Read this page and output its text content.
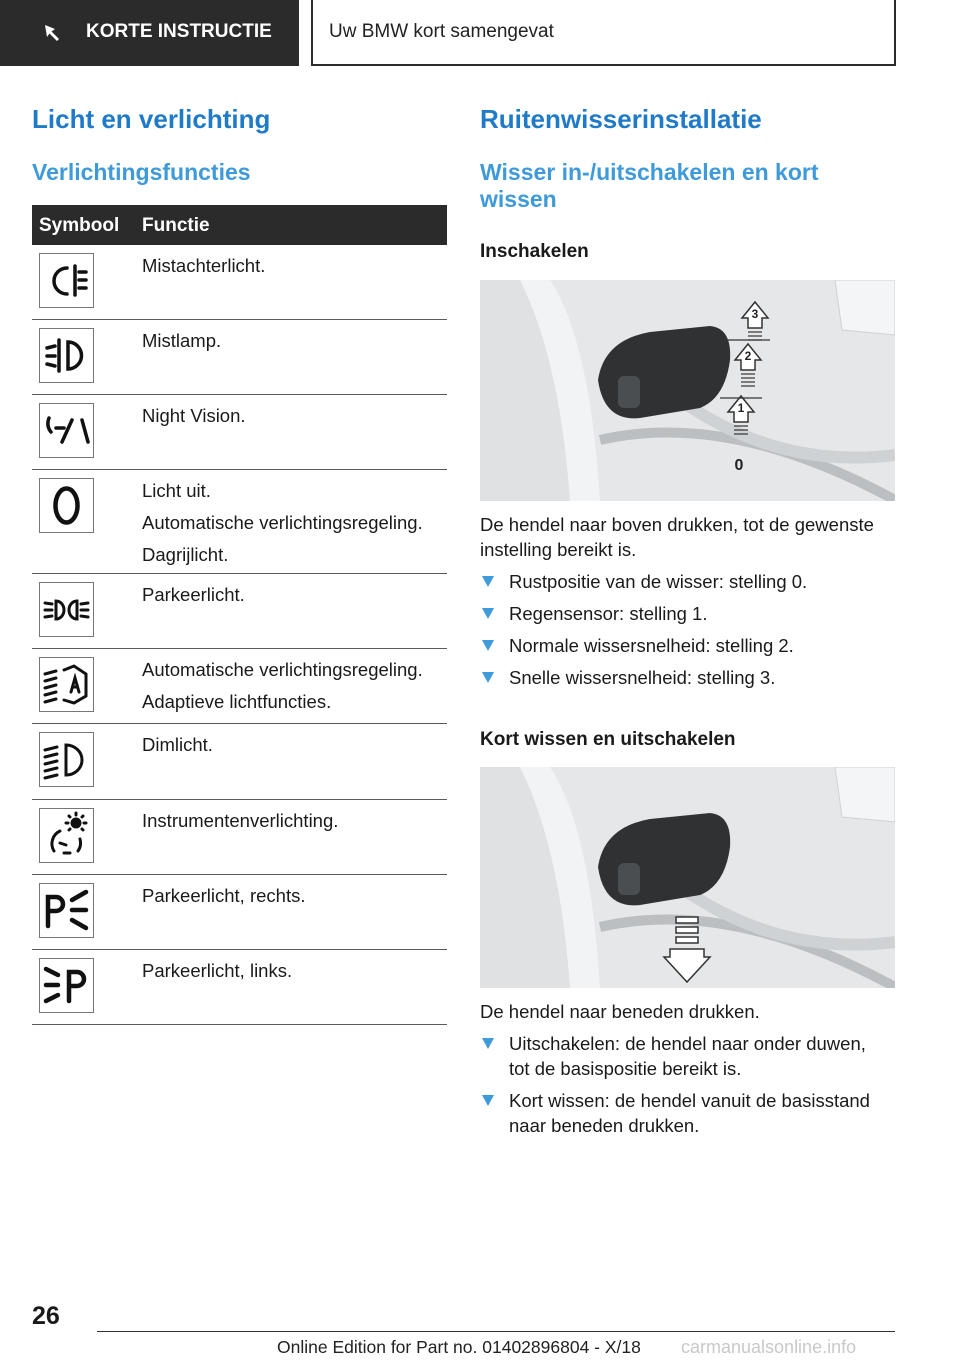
KORTE INSTRUCTIE	Uw BMW kort samengevat
Licht en verlichting
Verlichtingsfuncties
Symbool Functie

Mistachterlicht.

Mistlamp.

Night Vision.

Licht uit.

Automatische verlichtingsregeling.

Dagrijlicht.

Parkeerlicht.

Automatische verlichtingsregeling.

Adaptieve lichtfuncties.

Dimlicht.

Instrumentenverlichting.

Parkeerlicht, rechts.

Parkeerlicht, links.

Ruitenwisserinstallatie
Wisser in-/uitschakelen en kort
wissen
Inschakelen
3
2
1
0
De hendel naar boven drukken, tot de gewenste
instelling bereikt is.
Rustpositie van de wisser: stelling 0.
Regensensor: stelling 1.
Normale wissersnelheid: stelling 2.
Snelle wissersnelheid: stelling 3.
Kort wissen en uitschakelen
De hendel naar beneden drukken.
Uitschakelen: de hendel naar onder duwen,
tot de basispositie bereikt is.
Kort wissen: de hendel vanuit de basisstand
naar beneden drukken.
26
Online Edition for Part no. 01402896804 - X/18 carmanualsonline.info
